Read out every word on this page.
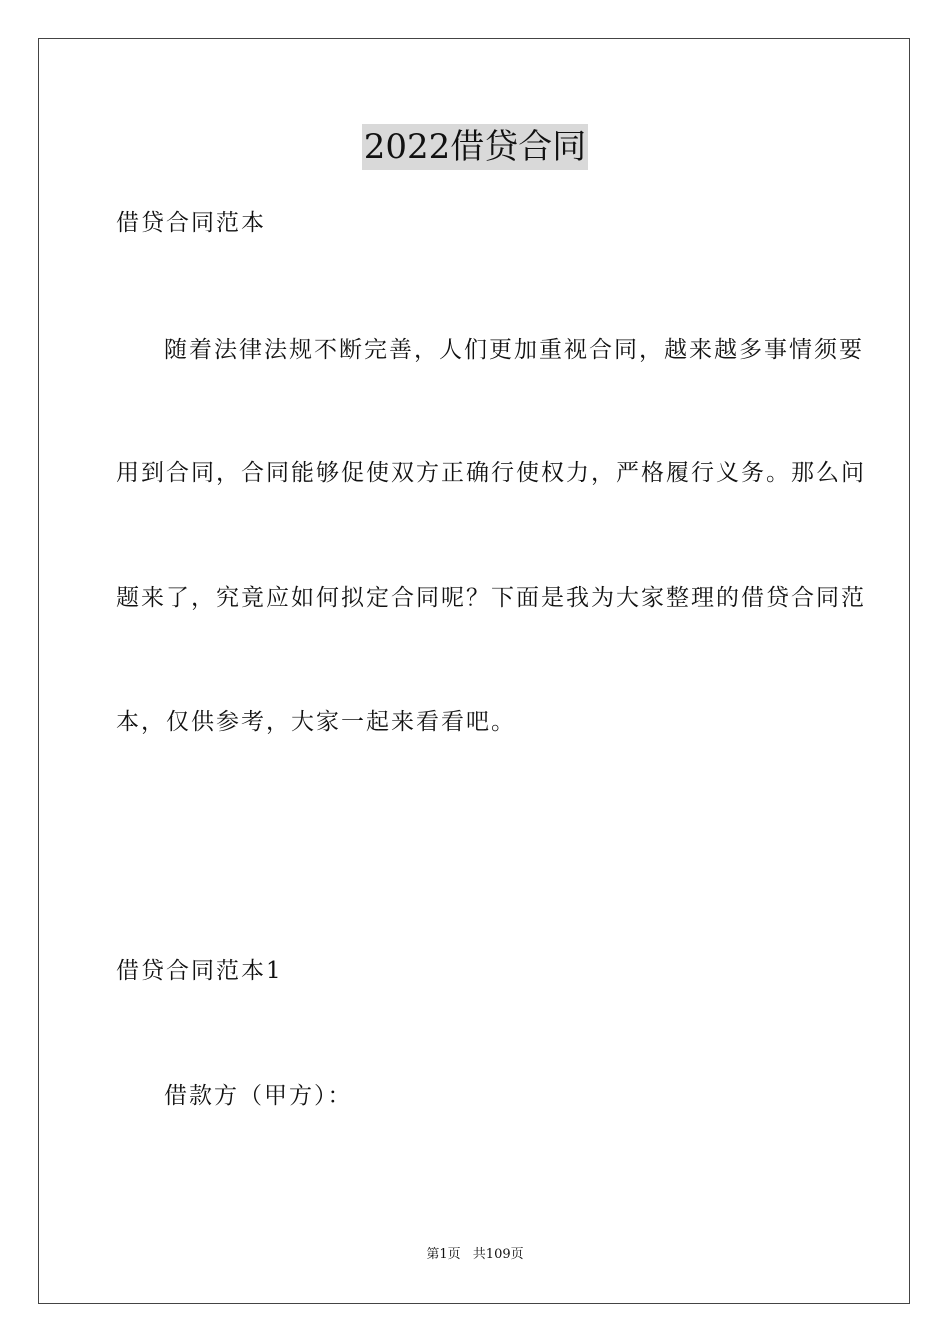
2022借贷合同
借贷合同范本
随着法律法规不断完善，人们更加重视合同，越来越多事情须要
用到合同，合同能够促使双方正确行使权力，严格履行义务。那么问
题来了，究竟应如何拟定合同呢？下面是我为大家整理的借贷合同范
本，仅供参考，大家一起来看看吧。
借贷合同范本1
借款方（甲方）：
第1页 共109页
